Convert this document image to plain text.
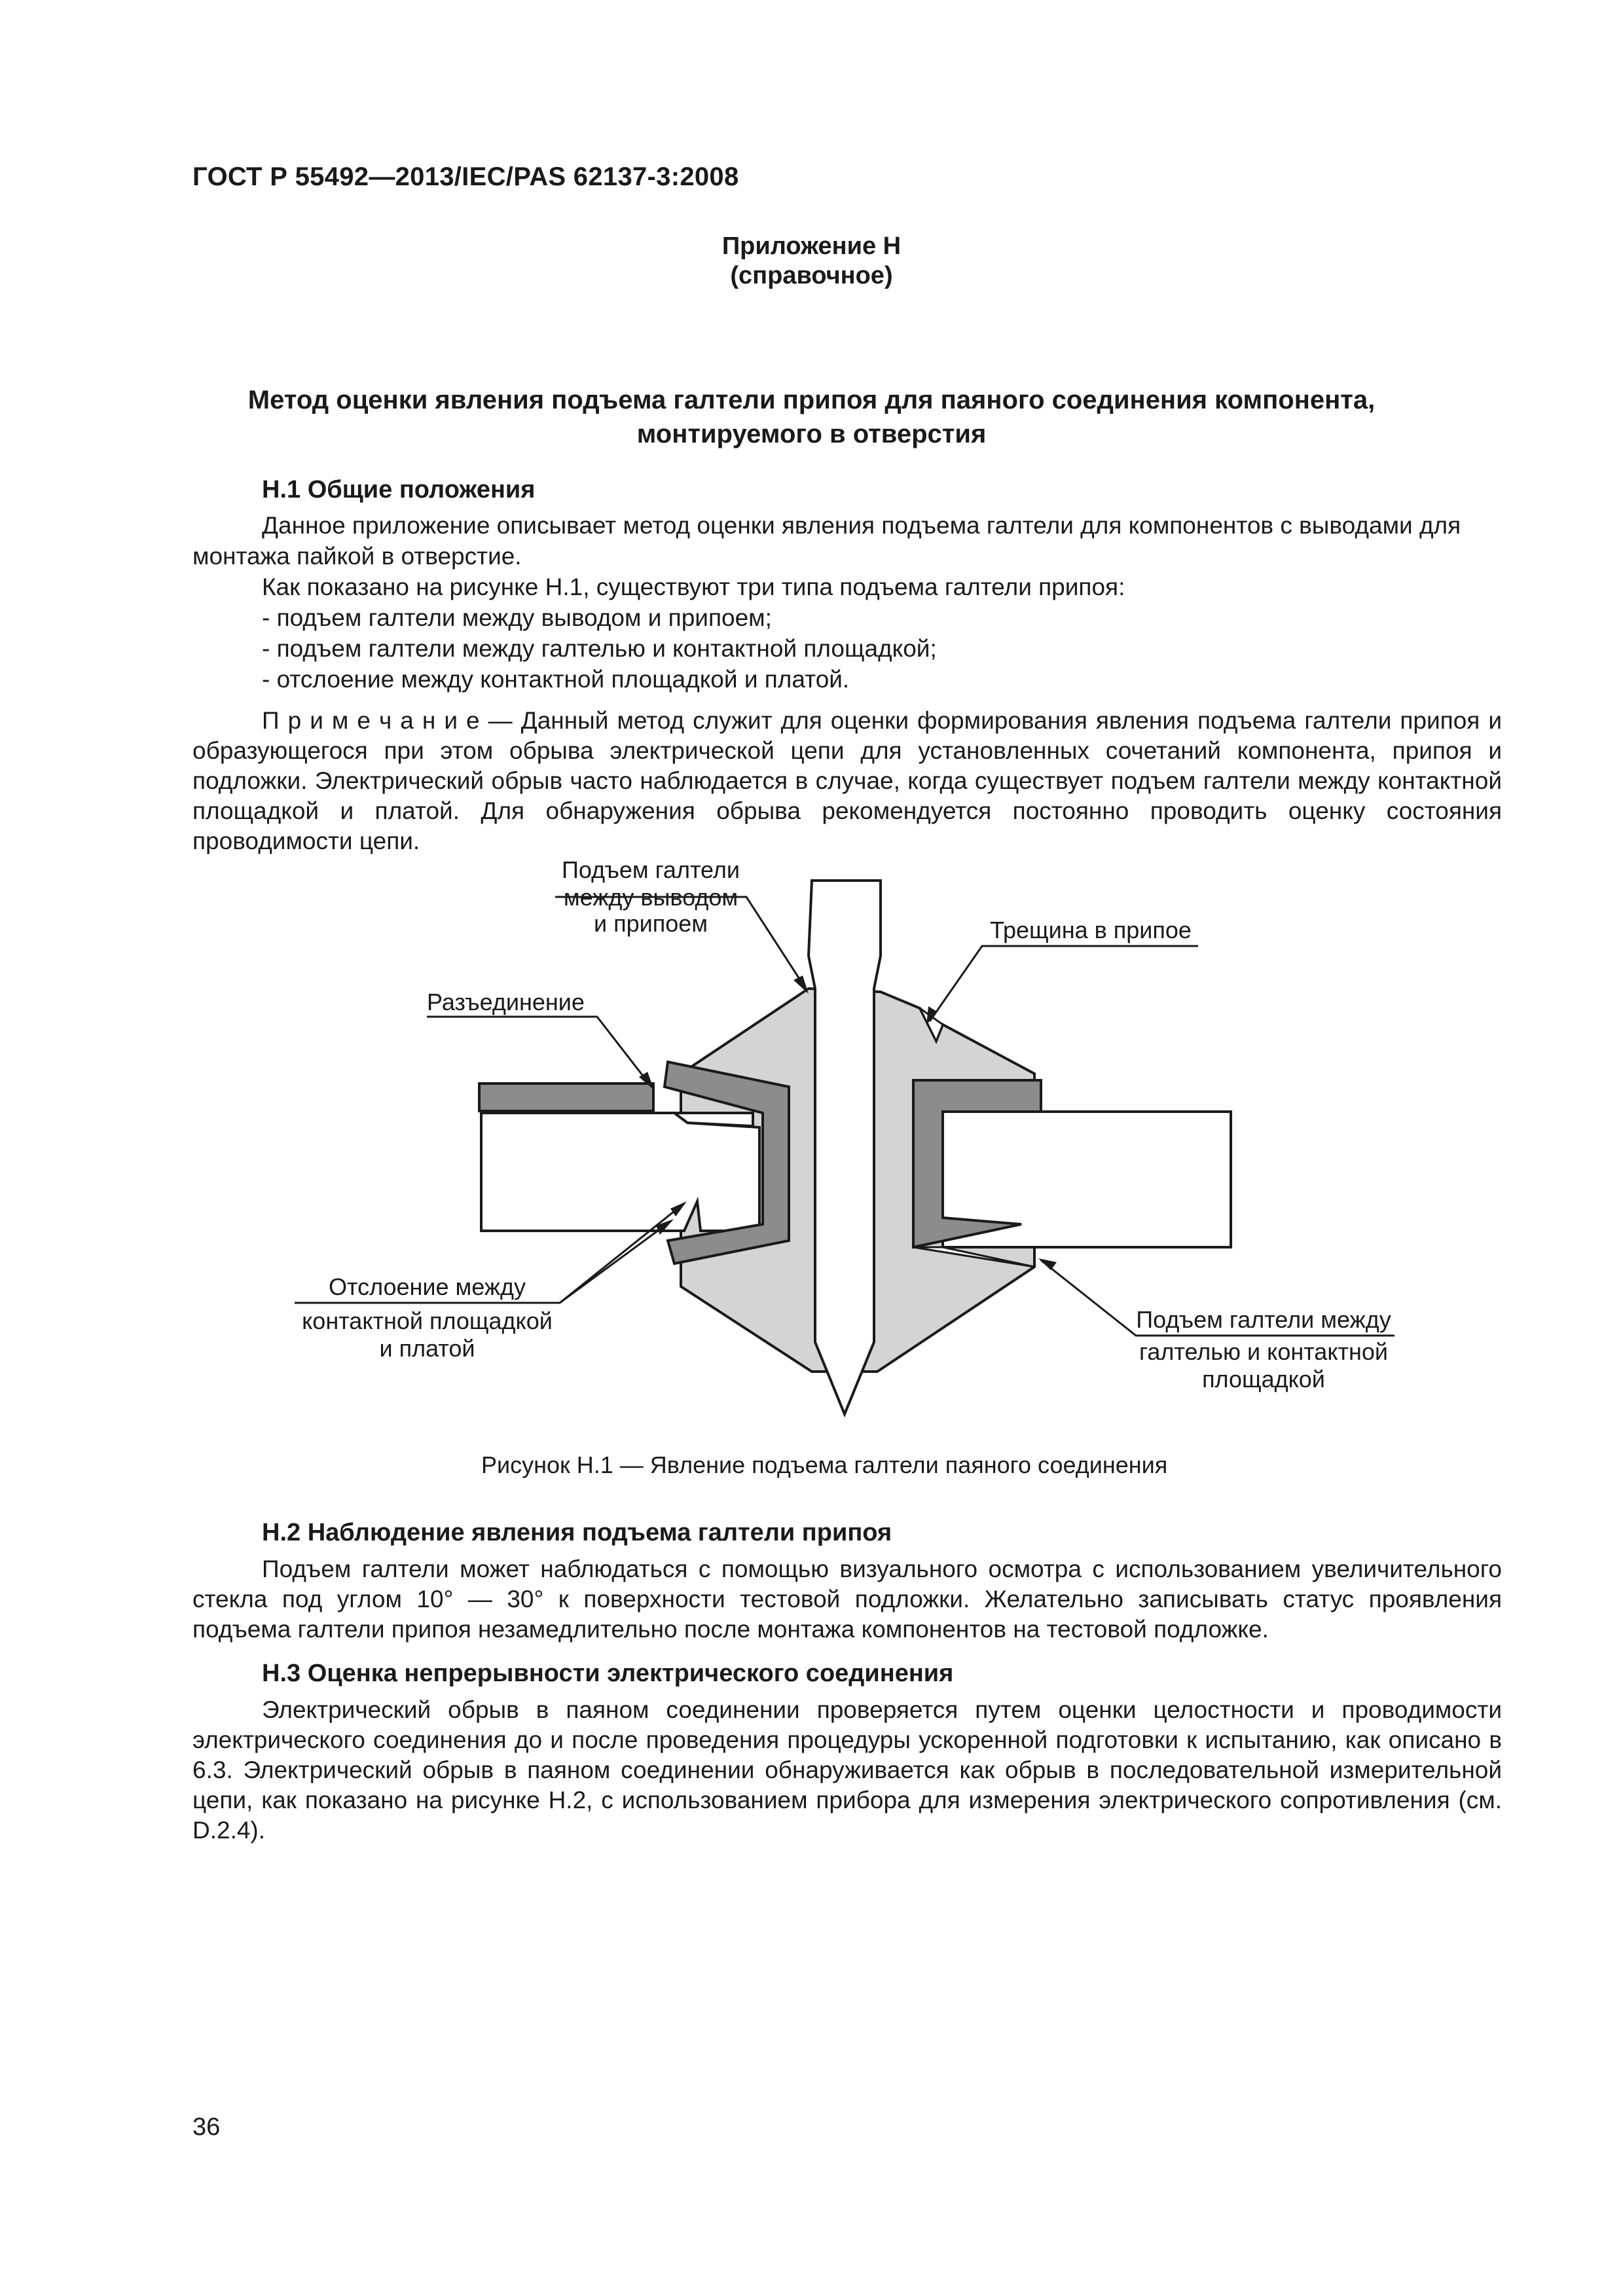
ГОСТ Р 55492—2013/IEC/PAS 62137-3:2008
Приложение Н
(справочное)
Метод оценки явления подъема галтели припоя для паяного соединения компонента,
монтируемого в отверстия
Н.1 Общие положения
Данное приложение описывает метод оценки явления подъема галтели для компонентов с выводами для
монтажа пайкой в отверстие.
Как показано на рисунке Н.1, существуют три типа подъема галтели припоя:
- подъем галтели между выводом и припоем;
- подъем галтели между галтелью и контактной площадкой;
- отслоение между контактной площадкой и платой.
П р и м е ч а н и е — Данный метод служит для оценки формирования явления подъема галтели припоя и образующегося при этом обрыва электрической цепи для установленных сочетаний компонента, припоя и подложки. Электрический обрыв часто наблюдается в случае, когда существует подъем галтели между контактной площадкой и платой. Для обнаружения обрыва рекомендуется постоянно проводить оценку состояния проводимости цепи.
Подъем галтели
между выводом
и припоем	Трещина в припое
Разъединение
Отслоение между
контактной площадкой
и платой
Подъем галтели между
галтелью и контактной
площадкой
Рисунок Н.1 — Явление подъема галтели паяного соединения
Н.2 Наблюдение явления подъема галтели припоя
Подъем галтели может наблюдаться с помощью визуального осмотра с использованием увеличительного стекла под углом 10° — 30° к поверхности тестовой подложки. Желательно записывать статус проявления подъема галтели припоя незамедлительно после монтажа компонентов на тестовой подложке.
Н.3 Оценка непрерывности электрического соединения
Электрический обрыв в паяном соединении проверяется путем оценки целостности и проводимости электрического соединения до и после проведения процедуры ускоренной подготовки к испытанию, как описано в 6.3. Электрический обрыв в паяном соединении обнаруживается как обрыв в последовательной измерительной цепи, как показано на рисунке Н.2, с использованием прибора для измерения электрического сопротивления (см. D.2.4).
36
